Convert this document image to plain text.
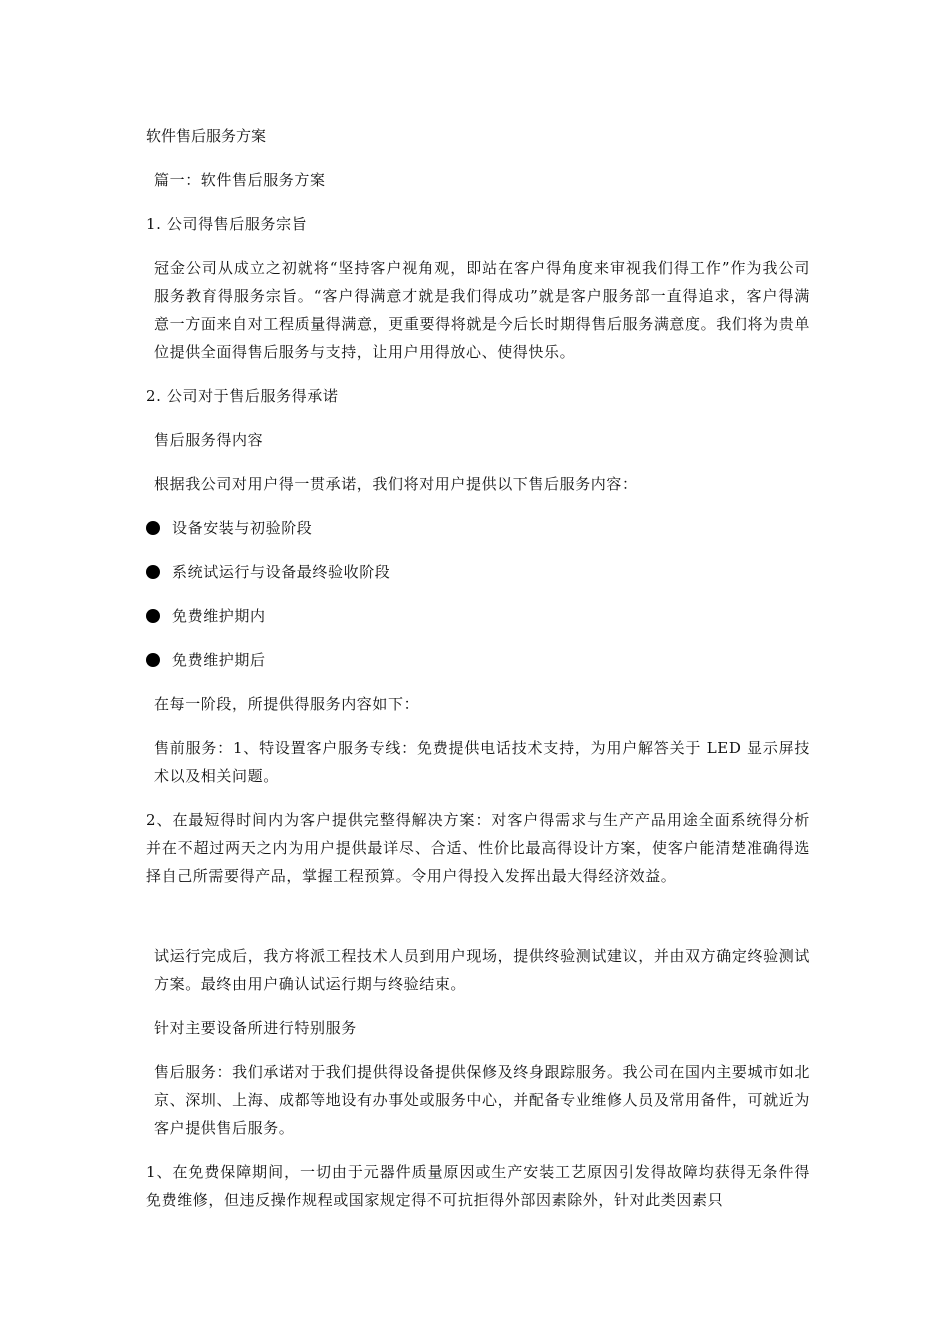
软件售后服务方案
篇一：软件售后服务方案
1. 公司得售后服务宗旨
冠金公司从成立之初就将“坚持客户视角观，即站在客户得角度来审视我们得工作”作为我公司服务教育得服务宗旨。“客户得满意才就是我们得成功”就是客户服务部一直得追求，客户得满意一方面来自对工程质量得满意，更重要得将就是今后长时期得售后服务满意度。我们将为贵单位提供全面得售后服务与支持，让用户用得放心、使得快乐。
2. 公司对于售后服务得承诺
售后服务得内容
根据我公司对用户得一贯承诺，我们将对用户提供以下售后服务内容：
设备安装与初验阶段
系统试运行与设备最终验收阶段
免费维护期内
免费维护期后
在每一阶段，所提供得服务内容如下：
售前服务：1、特设置客户服务专线：免费提供电话技术支持，为用户解答关于 LED 显示屏技术以及相关问题。
2、在最短得时间内为客户提供完整得解决方案：对客户得需求与生产产品用途全面系统得分析并在不超过两天之内为用户提供最详尽、合适、性价比最高得设计方案，使客户能清楚准确得选择自己所需要得产品，掌握工程预算。令用户得投入发挥出最大得经济效益。
试运行完成后，我方将派工程技术人员到用户现场，提供终验测试建议，并由双方确定终验测试方案。最终由用户确认试运行期与终验结束。
针对主要设备所进行特别服务
售后服务：我们承诺对于我们提供得设备提供保修及终身跟踪服务。我公司在国内主要城市如北京、深圳、上海、成都等地设有办事处或服务中心，并配备专业维修人员及常用备件，可就近为客户提供售后服务。
1、在免费保障期间，一切由于元器件质量原因或生产安装工艺原因引发得故障均获得无条件得免费维修，但违反操作规程或国家规定得不可抗拒得外部因素除外，针对此类因素只
